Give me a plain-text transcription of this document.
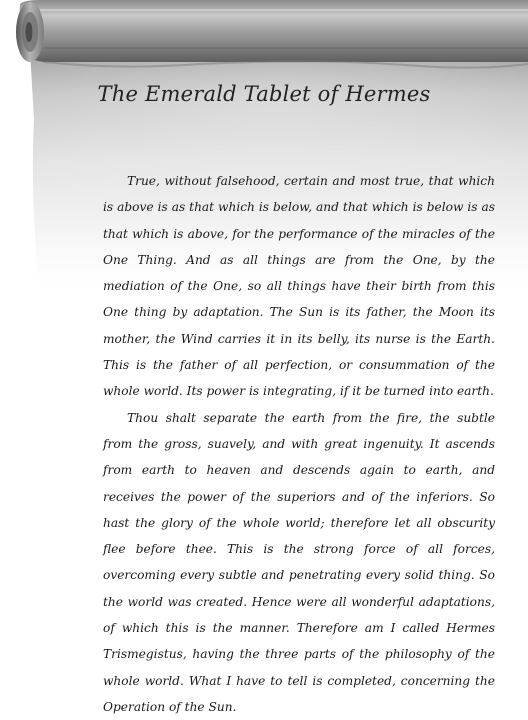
The Emerald Tablet of Hermes

True, without falsehood, certain and most true, that which is above is as that which is below, and that which is below is as that which is above, for the performance of the miracles of the One Thing. And as all things are from the One, by the mediation of the One, so all things have their birth from this One thing by adaptation. The Sun is its father, the Moon its mother, the Wind carries it in its belly, its nurse is the Earth. This is the father of all perfection, or consummation of the whole world. Its power is integrating, if it be turned into earth.

Thou shalt separate the earth from the fire, the subtle from the gross, suavely, and with great ingenuity. It ascends from earth to heaven and descends again to earth, and receives the power of the superiors and of the inferiors. So hast the glory of the whole world; therefore let all obscurity flee before thee. This is the strong force of all forces, overcoming every subtle and penetrating every solid thing. So the world was created. Hence were all wonderful adaptations, of which this is the manner. Therefore am I called Hermes Trismegistus, having the three parts of the philosophy of the whole world. What I have to tell is completed, concerning the Operation of the Sun.
